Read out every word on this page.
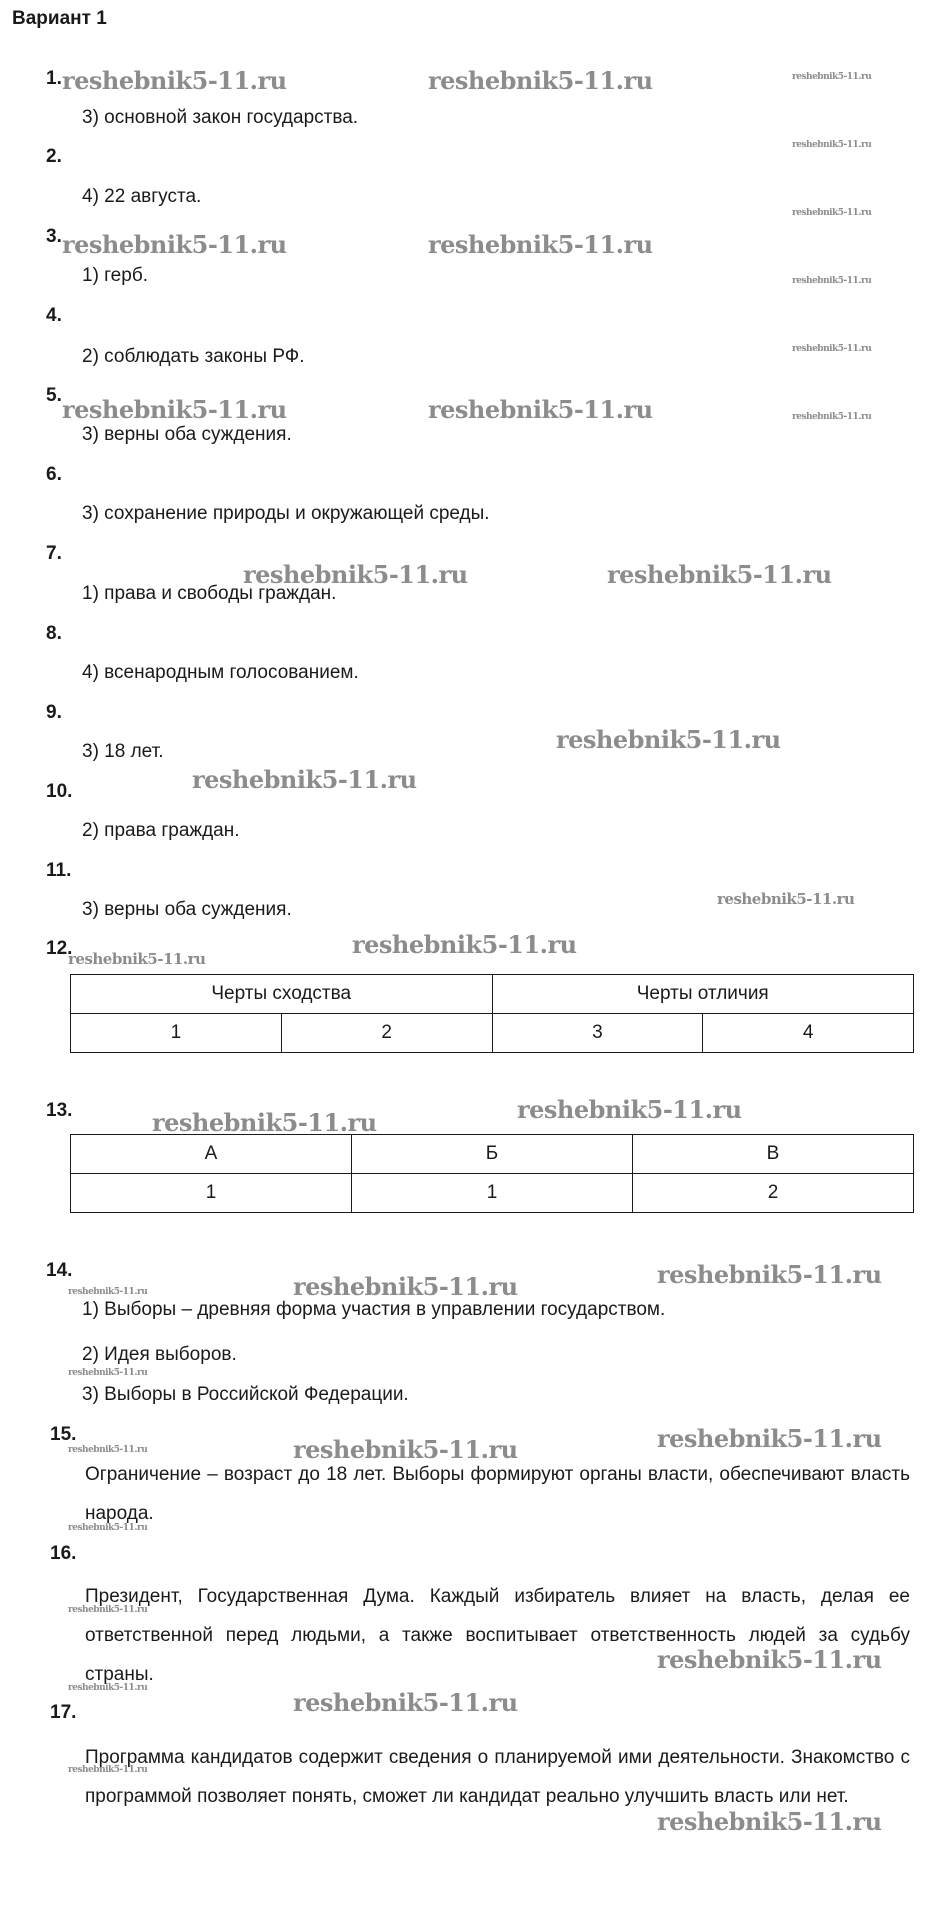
Вариант 1
1.
3) основной закон государства.
2.
4) 22 августа.
3.
1) герб.
4.
2) соблюдать законы РФ.
5.
3) верны оба суждения.
6.
3) сохранение природы и окружающей среды.
7.
1) права и свободы граждан.
8.
4) всенародным голосованием.
9.
3) 18 лет.
10.
2) права граждан.
11.
3) верны оба суждения.
12.
Черты сходства		Черты отличия	
1	2	3	4
13.
А	Б	В
1	1	2
14.
1) Выборы – древняя форма участия в управлении государством.
2) Идея выборов.
3) Выборы в Российской Федерации.
15.
Ограничение – возраст до 18 лет. Выборы формируют органы власти, обеспечивают власть народа.
16.
Президент, Государственная Дума. Каждый избиратель влияет на власть, делая ее ответственной перед людьми, а также воспитывает ответственность людей за судьбу страны.
17.
Программа кандидатов содержит сведения о планируемой ими деятельности. Знакомство с программой позволяет понять, сможет ли кандидат реально улучшить власть или нет.
reshebnik5-11.ru	reshebnik5-11.ru	reshebnik5-11.ru
reshebnik5-11.ru
reshebnik5-11.ru
reshebnik5-11.ru	reshebnik5-11.ru
reshebnik5-11.ru
reshebnik5-11.ru
reshebnik5-11.ru	reshebnik5-11.ru	reshebnik5-11.ru
reshebnik5-11.ru	reshebnik5-11.ru
reshebnik5-11.ru
reshebnik5-11.ru
reshebnik5-11.ru
reshebnik5-11.ru
reshebnik5-11.ru
reshebnik5-11.ru
reshebnik5-11.ru
reshebnik5-11.ru
reshebnik5-11.ru
reshebnik5-11.ru
reshebnik5-11.ru
reshebnik5-11.ru
reshebnik5-11.ru
reshebnik5-11.ru
reshebnik5-11.ru
reshebnik5-11.ru
reshebnik5-11.ru
reshebnik5-11.ru	reshebnik5-11.ru
reshebnik5-11.ru
reshebnik5-11.ru
